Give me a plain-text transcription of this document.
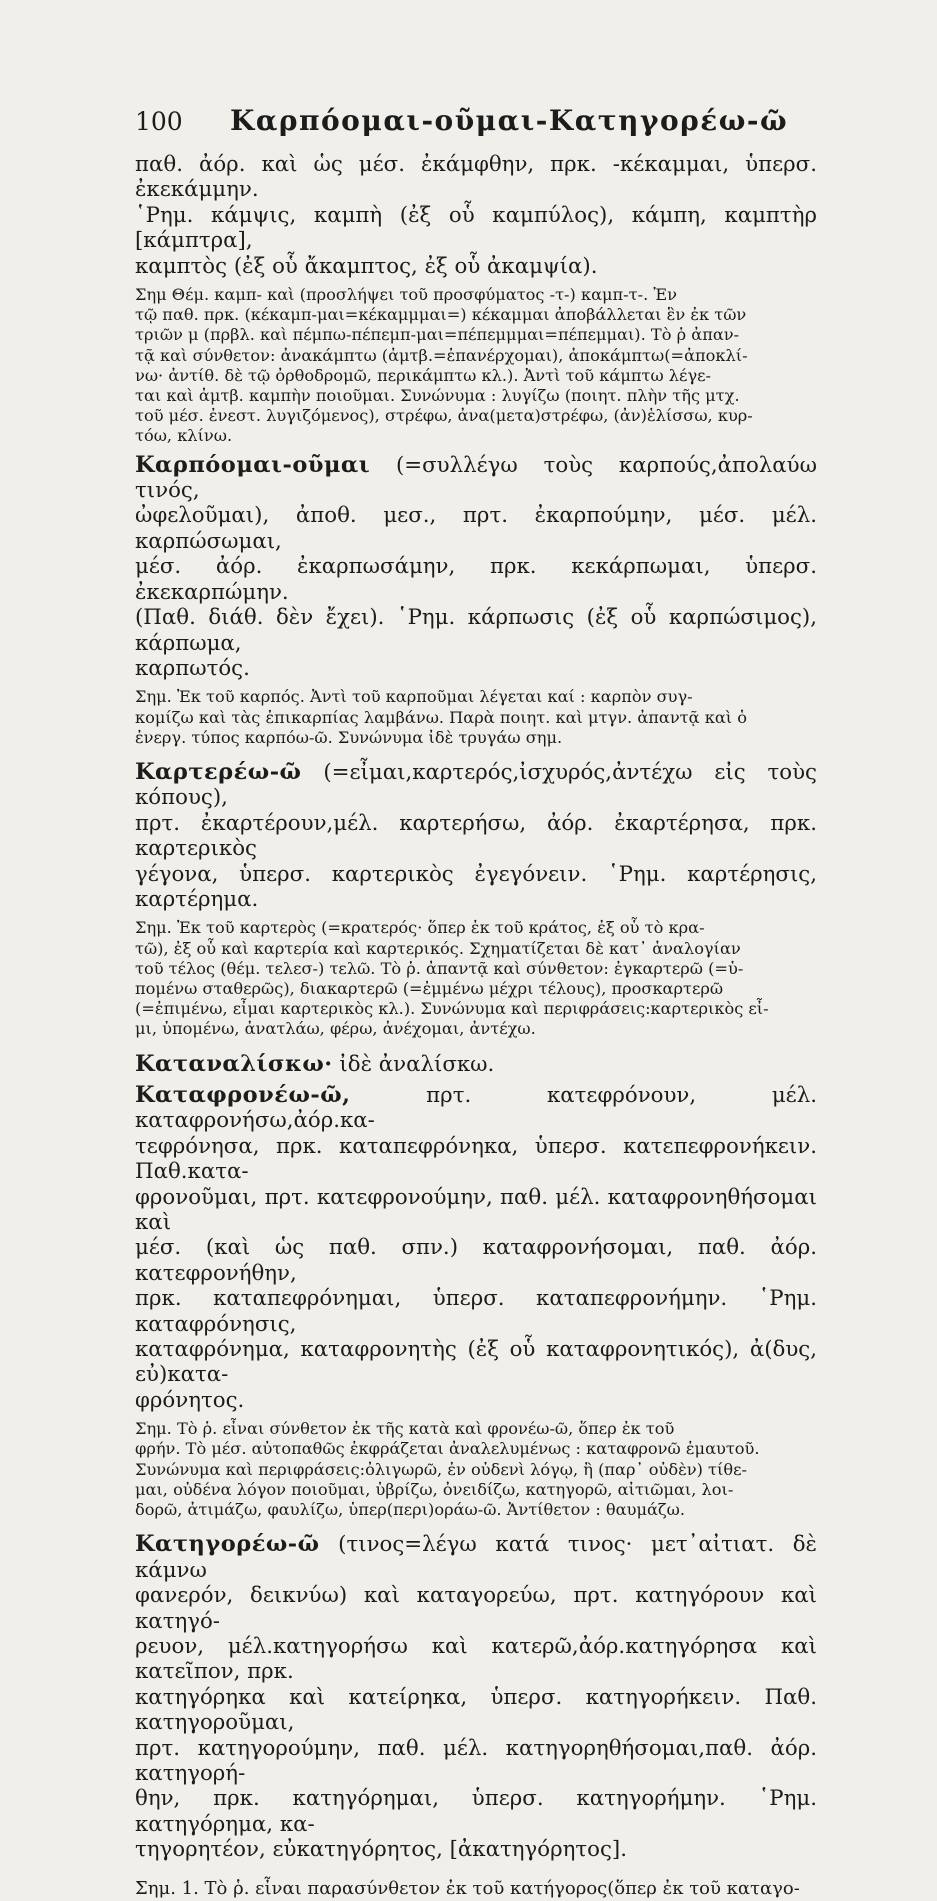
100	Καρπόομαι-οῦμαι-Κατηγορέω-ῶ

παθ. ἀόρ. καὶ ὡς μέσ. ἐκάμφθην, πρκ. -κέκαμμαι, ὑπερσ. ἐκεκάμμην.
῾Ρημ. κάμψις, καμπὴ (ἐξ οὗ καμπύλος), κάμπη, καμπτὴρ [κάμπτρα],
καμπτὸς (ἐξ οὗ ἄκαμπτος, ἐξ οὗ ἀκαμψία).

Σημ Θέμ. καμπ- καὶ (προσλήψει τοῦ προσφύματος -τ-) καμπ-τ-. Ἐν
τῷ παθ. πρκ. (κέκαμπ-μαι=κέκαμμμαι=) κέκαμμαι ἀποβάλλεται ἓν ἐκ τῶν
τριῶν μ (πρβλ. καὶ πέμπω-πέπεμπ-μαι=πέπεμμμαι=πέπεμμαι). Τὸ ῥ ἀπαν-
τᾷ καὶ σύνθετον: ἀνακάμπτω (ἀμτβ.=ἐπανέρχομαι), ἀποκάμπτω(=ἀποκλί-
νω· ἀντίθ. δὲ τῷ ὀρθοδρομῶ, περικάμπτω κλ.). Ἀντὶ τοῦ κάμπτω λέγε-
ται καὶ ἀμτβ. καμπὴν ποιοῦμαι. Συνώνυμα : λυγίζω (ποιητ. πλὴν τῆς μτχ.
τοῦ μέσ. ἐνεστ. λυγιζόμενος), στρέφω, ἀνα(μετα)στρέφω, (ἀν)ἑλίσσω, κυρ-
τόω, κλίνω.

Καρπόομαι-οῦμαι (=συλλέγω τοὺς καρπούς,ἀπολαύω τινός,
ὠφελοῦμαι), ἀποθ. μεσ., πρτ. ἐκαρπούμην, μέσ. μέλ. καρπώσωμαι,
μέσ. ἀόρ. ἐκαρπωσάμην, πρκ. κεκάρπωμαι, ὑπερσ. ἐκεκαρπώμην.
(Παθ. διάθ. δὲν ἔχει). ῾Ρημ. κάρπωσις (ἐξ οὗ καρπώσιμος), κάρπωμα,
καρπωτός.

Σημ. Ἐκ τοῦ καρπός. Ἀντὶ τοῦ καρποῦμαι λέγεται καί : καρπὸν συγ-
κομίζω καὶ τὰς ἐπικαρπίας λαμβάνω. Παρὰ ποιητ. καὶ μτγν. ἀπαντᾷ καὶ ὁ
ἐνεργ. τύπος καρπόω-ῶ. Συνώνυμα ἰδὲ τρυγάω σημ.

Καρτερέω-ῶ (=εἶμαι,καρτερός,ἰσχυρός,ἀντέχω εἰς τοὺς κόπους),
πρτ. ἐκαρτέρουν,μέλ. καρτερήσω, ἀόρ. ἐκαρτέρησα, πρκ. καρτερικὸς
γέγονα, ὑπερσ. καρτερικὸς ἐγεγόνειν. ῾Ρημ. καρτέρησις, καρτέρημα.

Σημ. Ἐκ τοῦ καρτερὸς (=κρατερός· ὅπερ ἐκ τοῦ κράτος, ἐξ οὗ τὸ κρα-
τῶ), ἐξ οὗ καὶ καρτερία καὶ καρτερικός. Σχηματίζεται δὲ κατ᾽ ἀναλογίαν
τοῦ τέλος (θέμ. τελεσ-) τελῶ. Τὸ ῥ. ἀπαντᾷ καὶ σύνθετον: ἐγκαρτερῶ (=ὑ-
πομένω σταθερῶς), διακαρτερῶ (=ἐμμένω μέχρι τέλους), προσκαρτερῶ
(=ἐπιμένω, εἶμαι καρτερικὸς κλ.). Συνώνυμα καὶ περιφράσεις:καρτερικὸς εἶ-
μι, ὑπομένω, ἀνατλάω, φέρω, ἀνέχομαι, ἀντέχω.

Καταναλίσκω· ἰδὲ ἀναλίσκω.

Καταφρονέω-ῶ,	πρτ. κατεφρόνουν, μέλ. καταφρονήσω,ἀόρ.κα-
τεφρόνησα, πρκ. καταπεφρόνηκα, ὑπερσ. κατεπεφρονήκειν. Παθ.κατα-
φρονοῦμαι, πρτ. κατεφρονούμην, παθ. μέλ. καταφρονηθήσομαι καὶ
μέσ. (καὶ ὡς παθ. σπν.) καταφρονήσομαι, παθ. ἀόρ. κατεφρονήθην,
πρκ. καταπεφρόνημαι, ὑπερσ. καταπεφρονήμην. ῾Ρημ. καταφρόνησις,
καταφρόνημα, καταφρονητὴς (ἐξ οὗ καταφρονητικός), ἀ(δυς, εὐ)κατα-
φρόνητος.

Σημ. Τὸ ῥ. εἶναι σύνθετον ἐκ τῆς κατὰ καὶ φρονέω-ῶ, ὅπερ ἐκ τοῦ
φρήν. Τὸ μέσ. αὐτοπαθῶς ἐκφράζεται ἀναλελυμένως : καταφρονῶ ἐμαυτοῦ.
Συνώνυμα καὶ περιφράσεις:ὀλιγωρῶ, ἐν οὐδενὶ λόγῳ, ἢ (παρ᾽ οὐδὲν) τίθε-
μαι, οὐδένα λόγον ποιοῦμαι, ὑβρίζω, ὀνειδίζω, κατηγορῶ, αἰτιῶμαι, λοι-
δορῶ, ἀτιμάζω, φαυλίζω, ὑπερ(περι)οράω-ῶ. Ἀντίθετον : θαυμάζω.

Κατηγορέω-ῶ (τινος=λέγω κατά τινος· μετ᾽αἰτιατ. δὲ κάμνω
φανερόν, δεικνύω) καὶ καταγορεύω, πρτ. κατηγόρουν καὶ κατηγό-
ρευον, μέλ.κατηγορήσω καὶ κατερῶ,ἀόρ.κατηγόρησα καὶ κατεῖπον, πρκ.
κατηγόρηκα καὶ κατείρηκα, ὑπερσ. κατηγορήκειν. Παθ. κατηγοροῦμαι,
πρτ. κατηγορούμην, παθ. μέλ. κατηγορηθήσομαι,παθ. ἀόρ. κατηγορή-
θην, πρκ. κατηγόρημαι, ὑπερσ. κατηγορήμην. ῾Ρημ. κατηγόρημα, κα-
τηγορητέον, εὐκατηγόρητος, [ἀκατηγόρητος].

Σημ. 1. Τὸ ῥ. εἶναι παρασύνθετον ἐκ τοῦ κατήγορος(ὅπερ ἐκ τοῦ καταγο-
